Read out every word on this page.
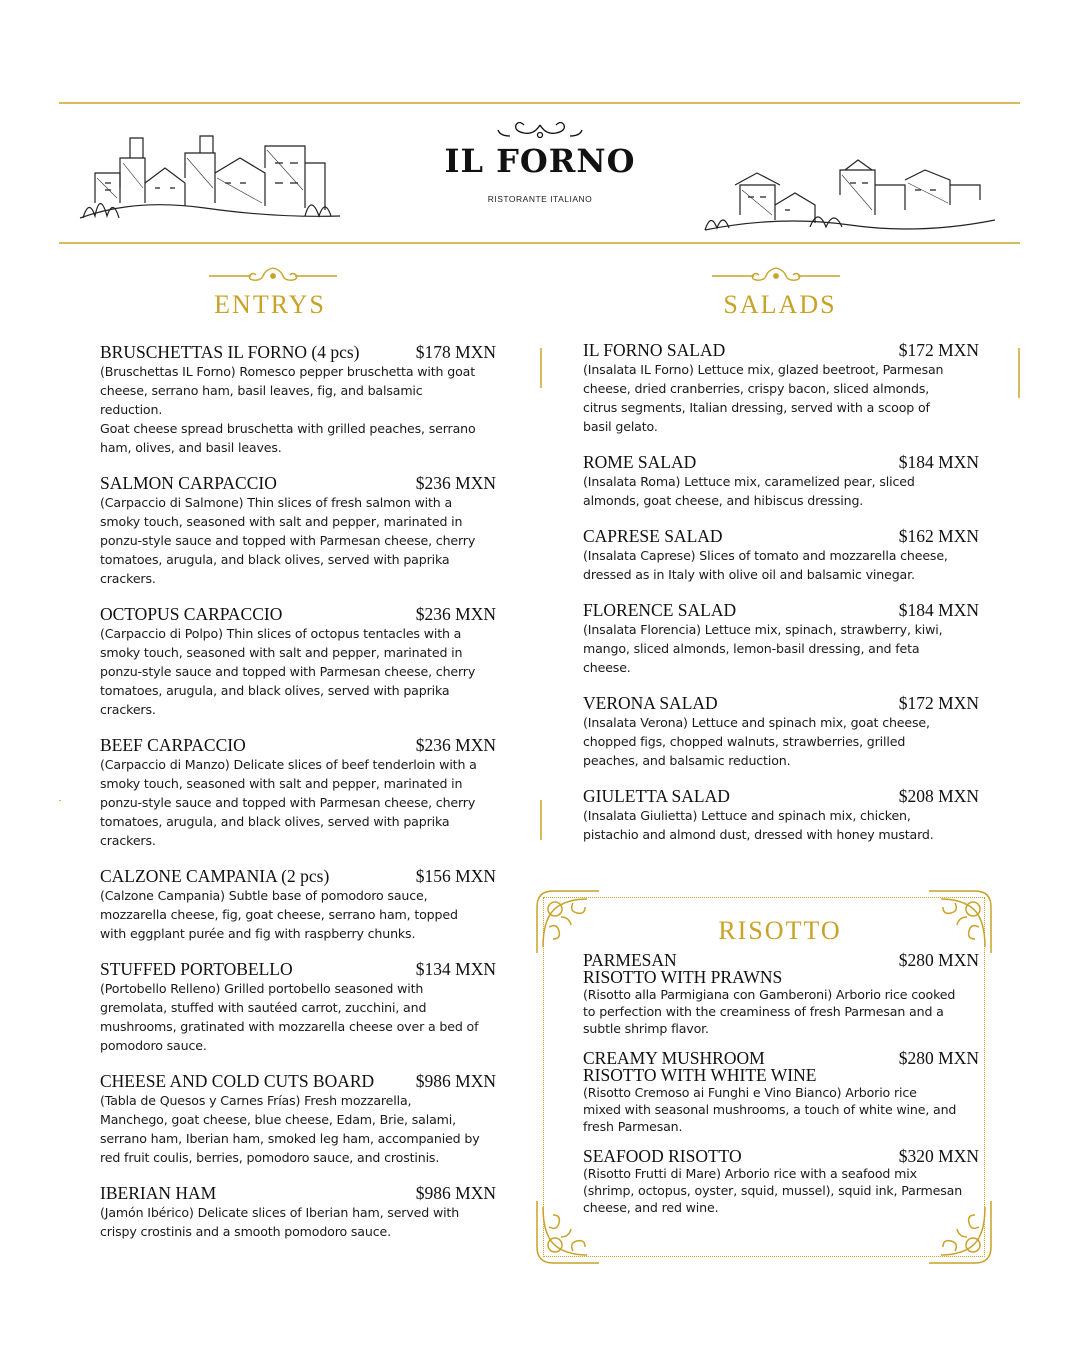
IL FORNO
RISTORANTE ITALIANO
ENTRYS	SALADS
BRUSCHETTAS IL FORNO (4 pcs)	$178 MXN
(Bruschettas IL Forno) Romesco pepper bruschetta with goat
cheese, serrano ham, basil leaves, fig, and balsamic
reduction.
Goat cheese spread bruschetta with grilled peaches, serrano
ham, olives, and basil leaves.
SALMON CARPACCIO	$236 MXN
(Carpaccio di Salmone) Thin slices of fresh salmon with a
smoky touch, seasoned with salt and pepper, marinated in
ponzu-style sauce and topped with Parmesan cheese, cherry
tomatoes, arugula, and black olives, served with paprika
crackers.
OCTOPUS CARPACCIO	$236 MXN
(Carpaccio di Polpo) Thin slices of octopus tentacles with a
smoky touch, seasoned with salt and pepper, marinated in
ponzu-style sauce and topped with Parmesan cheese, cherry
tomatoes, arugula, and black olives, served with paprika
crackers.
BEEF CARPACCIO	$236 MXN
(Carpaccio di Manzo) Delicate slices of beef tenderloin with a
smoky touch, seasoned with salt and pepper, marinated in
ponzu-style sauce and topped with Parmesan cheese, cherry
tomatoes, arugula, and black olives, served with paprika
crackers.
CALZONE CAMPANIA (2 pcs)	$156 MXN
(Calzone Campania) Subtle base of pomodoro sauce,
mozzarella cheese, fig, goat cheese, serrano ham, topped
with eggplant purée and fig with raspberry chunks.
STUFFED PORTOBELLO	$134 MXN
(Portobello Relleno) Grilled portobello seasoned with
gremolata, stuffed with sautéed carrot, zucchini, and
mushrooms, gratinated with mozzarella cheese over a bed of
pomodoro sauce.
CHEESE AND COLD CUTS BOARD $986 MXN
(Tabla de Quesos y Carnes Frías) Fresh mozzarella,
Manchego, goat cheese, blue cheese, Edam, Brie, salami,
serrano ham, Iberian ham, smoked leg ham, accompanied by
red fruit coulis, berries, pomodoro sauce, and crostinis.
IBERIAN HAM	$986 MXN
(Jamón Ibérico) Delicate slices of Iberian ham, served with
crispy crostinis and a smooth pomodoro sauce.
IL FORNO SALAD	$172 MXN
(Insalata IL Forno) Lettuce mix, glazed beetroot, Parmesan
cheese, dried cranberries, crispy bacon, sliced almonds,
citrus segments, Italian dressing, served with a scoop of
basil gelato.
ROME SALAD	$184 MXN
(Insalata Roma) Lettuce mix, caramelized pear, sliced
almonds, goat cheese, and hibiscus dressing.
CAPRESE SALAD	$162 MXN
(Insalata Caprese) Slices of tomato and mozzarella cheese,
dressed as in Italy with olive oil and balsamic vinegar.
FLORENCE SALAD	$184 MXN
(Insalata Florencia) Lettuce mix, spinach, strawberry, kiwi,
mango, sliced almonds, lemon-basil dressing, and feta
cheese.
VERONA SALAD	$172 MXN
(Insalata Verona) Lettuce and spinach mix, goat cheese,
chopped figs, chopped walnuts, strawberries, grilled
peaches, and balsamic reduction.
GIULETTA SALAD	$208 MXN
(Insalata Giulietta) Lettuce and spinach mix, chicken,
pistachio and almond dust, dressed with honey mustard.
RISOTTO
PARMESAN
RISOTTO WITH PRAWNS
$280 MXN
(Risotto alla Parmigiana con Gamberoni) Arborio rice cooked
to perfection with the creaminess of fresh Parmesan and a
subtle shrimp flavor.
CREAMY MUSHROOM
RISOTTO WITH WHITE WINE
$280 MXN
(Risotto Cremoso ai Funghi e Vino Bianco) Arborio rice
mixed with seasonal mushrooms, a touch of white wine, and
fresh Parmesan.
SEAFOOD RISOTTO	$320 MXN
(Risotto Frutti di Mare) Arborio rice with a seafood mix
(shrimp, octopus, oyster, squid, mussel), squid ink, Parmesan
cheese, and red wine.
